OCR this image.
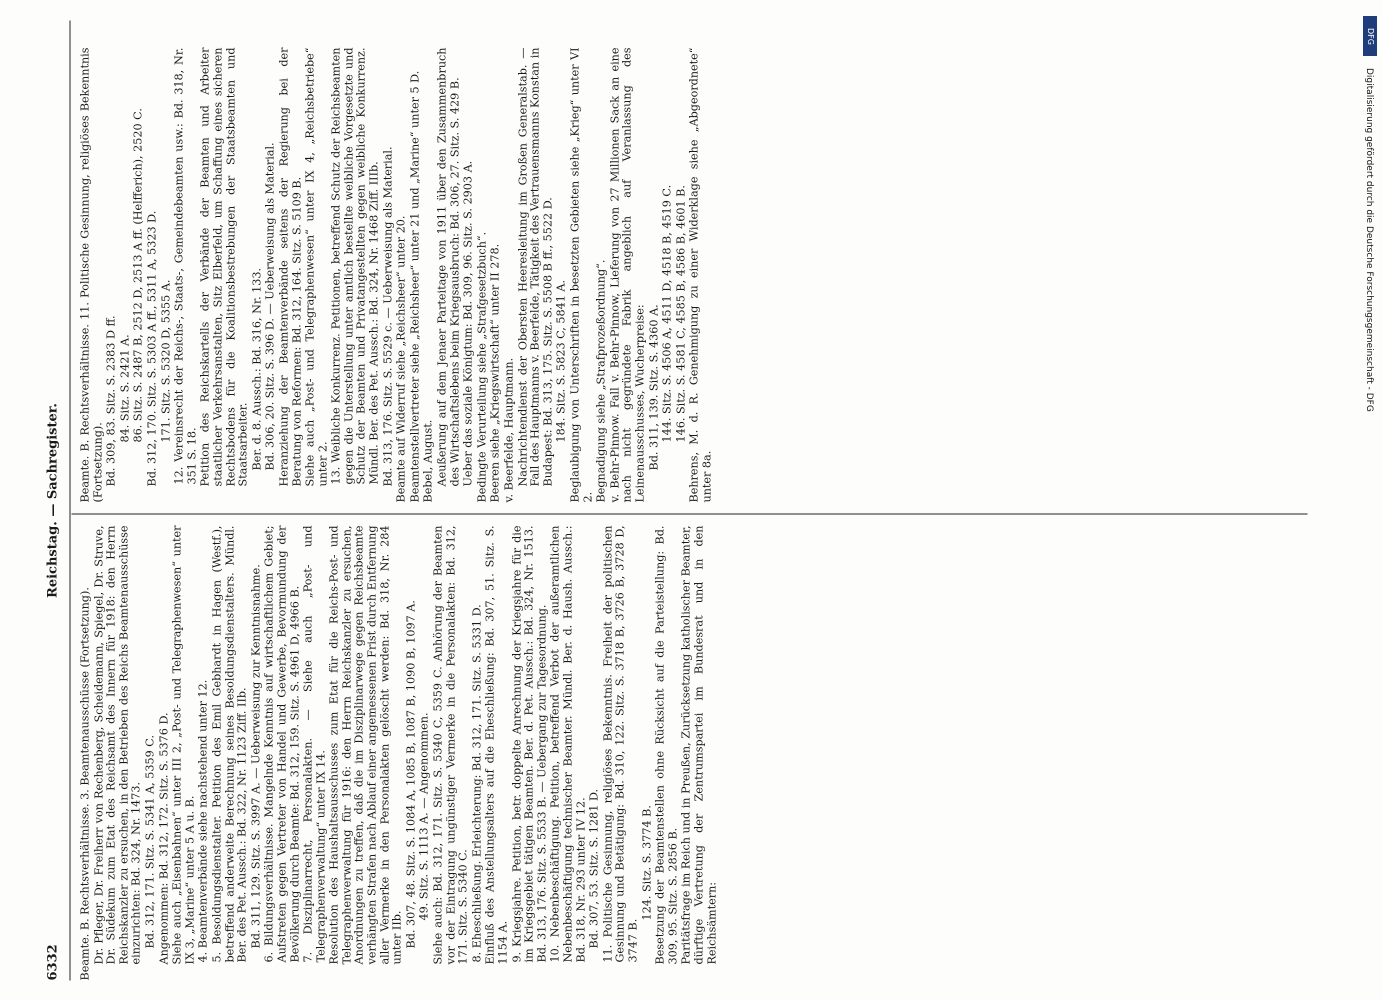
6332
Reichstag. — Sachregister.

Beamte. B. Rechtsverhältnisse. 3. Beamtenausschüsse (Fortsetzung). Dr. Pfleger, Dr. Freiherr von Rechenberg, Scheidemann, Spiegel, Dr. Struve, Dr. Südekum zum Etat des Reichsamt des Innern für 1918: den Herrn Reichskanzler zu ersuchen, in den Betrieben des Reichs Beamtenausschüsse einzurichten: Bd. 324, Nr. 1473. Bd. 312, 171. Sitz. S. 5341 A, 5359 C. Angenommen: Bd. 312, 172. Sitz. S. 5376 D. Siehe auch „Eisenbahnen“ unter III 2, „Post- und Telegraphenwesen“ unter IX 3, „Marine“ unter 5 A u. B. 4. Beamtenverbände siehe nachstehend unter 12. 5. Besoldungsdienstalter. Petition des Emil Gebhardt in Hagen (Westf.), betreffend anderweite Berechnung seines Besoldungsdienstalters. Mündl. Ber. des Pet. Aussch.: Bd. 322, Nr. 1123 Ziff. IIb. Bd. 311, 129. Sitz. S. 3997 A. — Ueberweisung zur Kenntnisnahme. 6. Bildungsverhältnisse. Mangelnde Kenntnis auf wirtschaftlichem Gebiet; Aufstreten gegen Vertreter von Handel und Gewerbe, Bevormundung der Bevölkerung durch Beamte: Bd. 312, 159. Sitz. S. 4961 D, 4966 B. 7. Disziplinarrecht, Personalakten. — Siehe auch „Post- und Telegraphenverwaltung“ unter IX 14. Resolution des Haushaltsausschusses zum Etat für die Reichs-Post- und Telegraphenverwaltung für 1916: den Herrn Reichskanzler zu ersuchen, Anordnungen zu treffen, daß die im Disziplinarwege gegen Reichsbeamte verhängten Strafen nach Ablauf einer angemessenen Frist durch Entfernung aller Vermerke in den Personalakten gelöscht werden: Bd. 318, Nr. 284 unter IIb. Bd. 307, 48. Sitz. S. 1084 A, 1085 B, 1087 B, 1090 B, 1097 A. 49. Sitz. S. 1113 A. — Angenommen. Siehe auch: Bd. 312, 171. Sitz. S. 5340 C, 5359 C. Anhörung der Beamten vor der Eintragung ungünstiger Vermerke in die Personalakten: Bd. 312, 171. Sitz. S. 5340 C. 8. Eheschließung. Erleichterung: Bd. 312, 171. Sitz. S. 5331 D. Einfluß des Anstellungsalters auf die Eheschließung: Bd. 307, 51. Sitz. S. 1154 A. 9. Kriegsjahre. Petition, betr. doppelte Anrechnung der Kriegsjahre für die im Kriegsgebiet tätigen Beamten. Ber. d. Pet. Aussch.: Bd. 324, Nr. 1513. Bd. 313, 176. Sitz. S. 5533 B. — Uebergang zur Tagesordnung. 10. Nebenbeschäftigung. Petition, betreffend Verbot der außeramtlichen Nebenbeschäftigung technischer Beamter. Mündl. Ber. d. Haush. Aussch.: Bd. 318, Nr. 293 unter IV 12. Bd. 307, 53. Sitz. S. 1281 D. 11. Politische Gesinnung, religiöses Bekenntnis. Freiheit der politischen Gesinnung und Betätigung: Bd. 310, 122. Sitz. S. 3718 B, 3726 B, 3728 D, 3747 B.

124. Sitz. S. 3774 B. Besetzung der Beamtenstellen ohne Rücksicht auf die Parteistellung: Bd. 309, 95. Sitz. S. 2856 B. Paritätsfrage im Reich und in Preußen, Zurücksetzung katholischer Beamter, dürftige Vertretung der Zentrumspartei im Bundesrat und in den Reichsämtern:

Beamte. B. Rechtsverhältnisse. 11. Politische Gesinnung, religiöses Bekenntnis (Fortsetzung). Bd. 309, 83. Sitz. S. 2383 D ff. 84. Sitz. S. 2421 A. 86. Sitz. S. 2487 B, 2512 D, 2513 A ff. (Helfferich), 2520 C. Bd. 312, 170. Sitz. S. 5303 A ff., 5311 A, 5323 D. 171. Sitz. S. 5320 D, 5355 A. 12. Vereinsrecht der Reichs-, Staats-, Gemeindebeamten usw.: Bd. 318, Nr. 351 S. 18. Petition des Reichskartells der Verbände der Beamten und Arbeiter staatlicher Verkehrsanstalten, Sitz Elberfeld, um Schaffung eines sicheren Rechtsbodens für die Koalitionsbestrebungen der Staatsbeamten und Staatsarbeiter. Ber. d. 8. Aussch.: Bd. 316, Nr. 133. Bd. 306, 20. Sitz. S. 396 D. — Ueberweisung als Material. Heranziehung der Beamtenverbände seitens der Regierung bei der Beratung von Reformen: Bd. 312, 164. Sitz. S. 5109 B. Siehe auch „Post- und Telegraphenwesen“ unter IX 4, „Reichsbetriebe“ unter 2. 13. Weibliche Konkurrenz. Petitionen, betreffend Schutz der Reichsbeamten gegen die Unterstellung unter amtlich bestellte weibliche Vorgesetzte und Schutz der Beamten und Privatangestellten gegen weibliche Konkurrenz. Mündl. Ber. des Pet. Aussch.: Bd. 324, Nr. 1468 Ziff. IIIb. Bd. 313, 176. Sitz. S. 5529 c. — Ueberweisung als Material. Beamte auf Widerruf siehe „Reichsheer“ unter 20. Beamtenstellvertreter siehe „Reichsheer“ unter 21 und „Marine“ unter 5 D. Bebel, August. Aeußerung auf dem Jenaer Parteitage von 1911 über den Zusammenbruch des Wirtschaftslebens beim Kriegsausbruch: Bd. 306, 27. Sitz. S. 429 B. Ueber das soziale Königtum: Bd. 309, 96. Sitz. S. 2903 A. Bedingte Verurteilung siehe „Strafgesetzbuch“. Beeren siehe „Kriegswirtschaft“ unter II 278. v. Beerfelde, Hauptmann. Nachrichtendienst der Obersten Heeresleitung im Großen Generalstab. — Fall des Hauptmanns v. Beerfelde, Tätigkeit des Vertrauensmanns Konstan in Budapest: Bd. 313, 175. Sitz. S. 5508 B ff., 5522 D. 184. Sitz. S. 5823 C, 5841 A. Beglaubigung von Unterschriften in besetzten Gebieten siehe „Krieg“ unter VI 2. Begnadigung siehe „Strafprozeßordnung“. v. Behr-Pinnow. Fall v. Behr-Pinnow, Lieferung von 27 Millionen Sack an eine nach nicht gegründete Fabrik angeblich auf Veranlassung des Leinenausschusses, Wucherpreise: Bd. 311, 139. Sitz. S. 4360 A. 144. Sitz. S. 4506 A, 4511 D, 4518 B, 4519 C. 146. Sitz. S. 4581 C, 4585 B, 4586 B, 4601 B. Behrens, M. d. R. Genehmigung zu einer Widerklage siehe „Abgeordnete“ unter 8a.

DFG
Digitalisierung gefördert durch die Deutsche Forschungsgemeinschaft - DFG
